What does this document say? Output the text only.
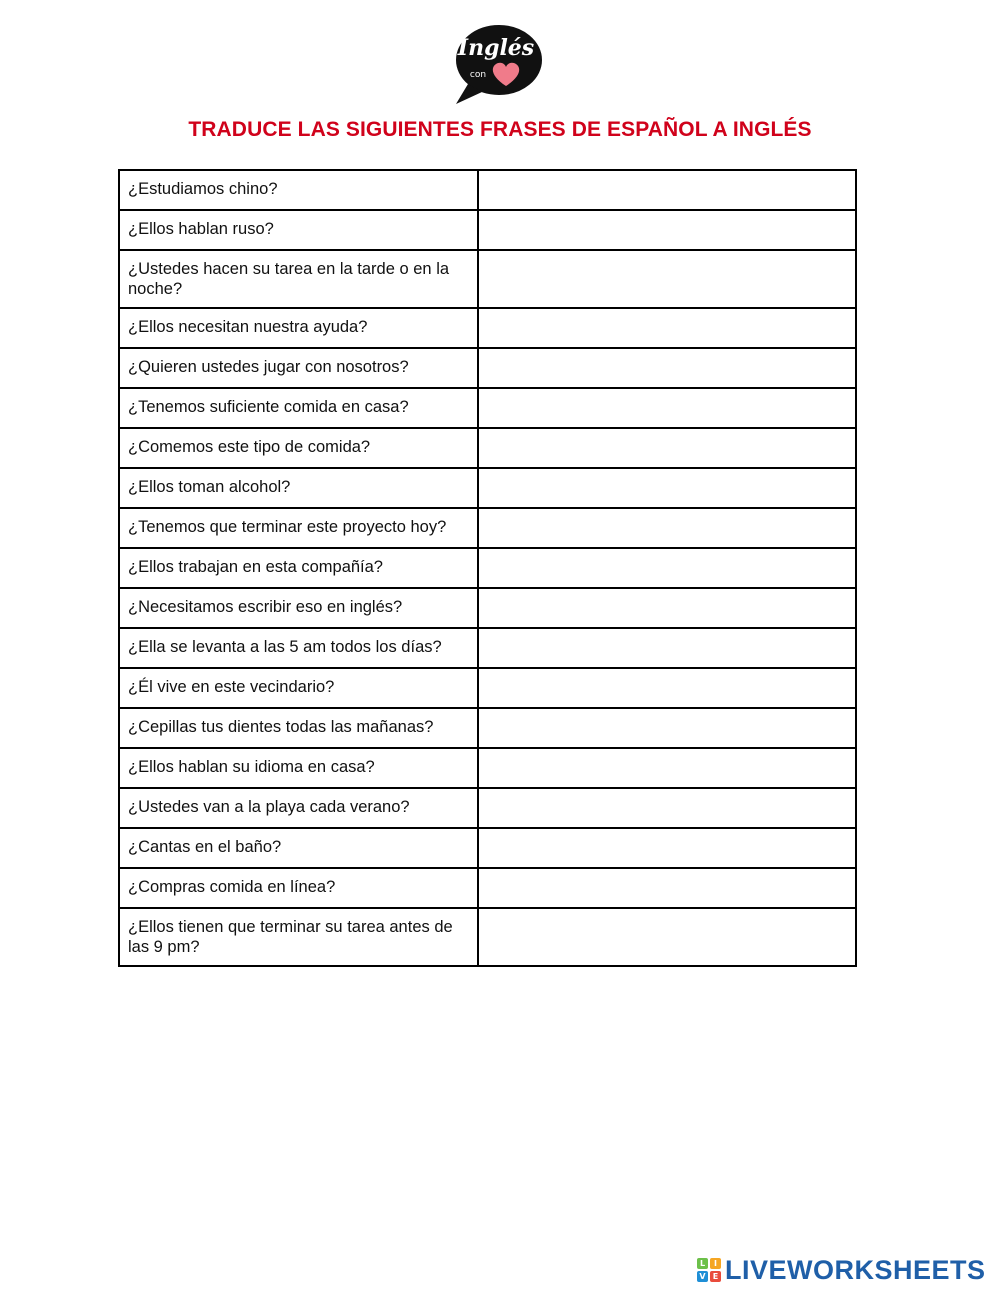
Inglés
con
TRADUCE LAS SIGUIENTES FRASES DE ESPAÑOL A INGLÉS
¿Estudiamos chino?	

¿Ellos hablan ruso?	

¿Ustedes hacen su tarea en la tarde o en la noche?	

¿Ellos necesitan nuestra ayuda?	

¿Quieren ustedes jugar con nosotros?	

¿Tenemos suficiente comida en casa?	

¿Comemos este tipo de comida?	

¿Ellos toman alcohol?	

¿Tenemos que terminar este proyecto hoy?	

¿Ellos trabajan en esta compañía?	

¿Necesitamos escribir eso en inglés?	

¿Ella se levanta a las 5 am todos los días?	

¿Él vive en este vecindario?	

¿Cepillas tus dientes todas las mañanas?	

¿Ellos hablan su idioma en casa?	

¿Ustedes van a la playa cada verano?	

¿Cantas en el baño?	

¿Compras comida en línea?	

¿Ellos tienen que terminar su tarea antes de las 9 pm?	
L	I
V E LIVEWORKSHEETS
